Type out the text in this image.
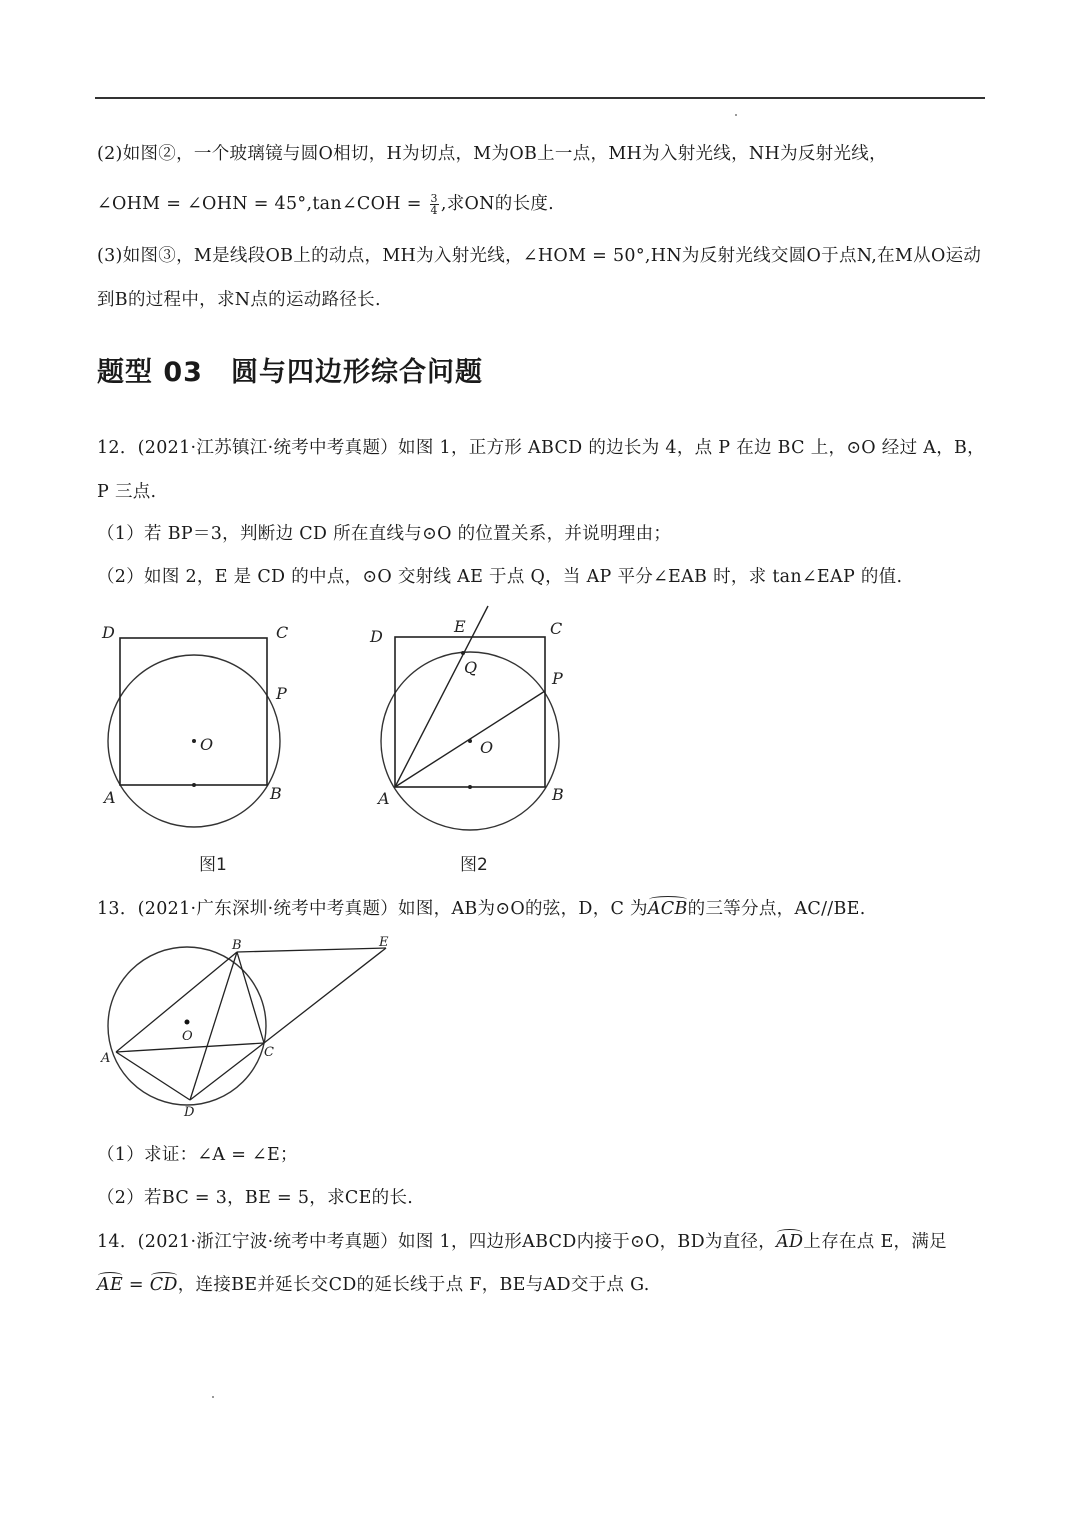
(2)如图②，一个玻璃镜与圆O相切，H为切点，M为OB上一点，MH为入射光线，NH为反射光线，
∠OHM = ∠OHN = 45°,tan∠COH = $\frac{3}{4}$ ,求ON的长度.
(3)如图③，M是线段OB上的动点，MH为入射光线，∠HOM = 50°,HN为反射光线交圆O于点N,在M从O运动
到B的过程中，求N点的运动路径长.
题型 03　圆与四边形综合问题
12．(2021·江苏镇江·统考中考真题）如图 1，正方形 ABCD 的边长为 4，点 P 在边 BC 上，⊙O 经过 A，B，
P 三点.
（1）若 BP＝3，判断边 CD 所在直线与⊙O 的位置关系，并说明理由；
（2）如图 2，E 是 CD 的中点，⊙O 交射线 AE 于点 Q，当 AP 平分∠EAB 时，求 tan∠EAP 的值.
D	C
P
O
A	B
图1
D
E	C
Q
P
O
A	B
图2
13．(2021·广东深圳·统考中考真题）如图，AB为⊙O的弦，D，C 为ACB的三等分点，AC//BE.
O
A
B
C
D
E
（1）求证：∠A = ∠E；
（2）若BC = 3，BE = 5，求CE的长.
14．(2021·浙江宁波·统考中考真题）如图 1，四边形ABCD内接于⊙O，BD为直径，AD上存在点 E，满足
AE = CD，连接BE并延长交CD的延长线于点 F，BE与AD交于点 G.
